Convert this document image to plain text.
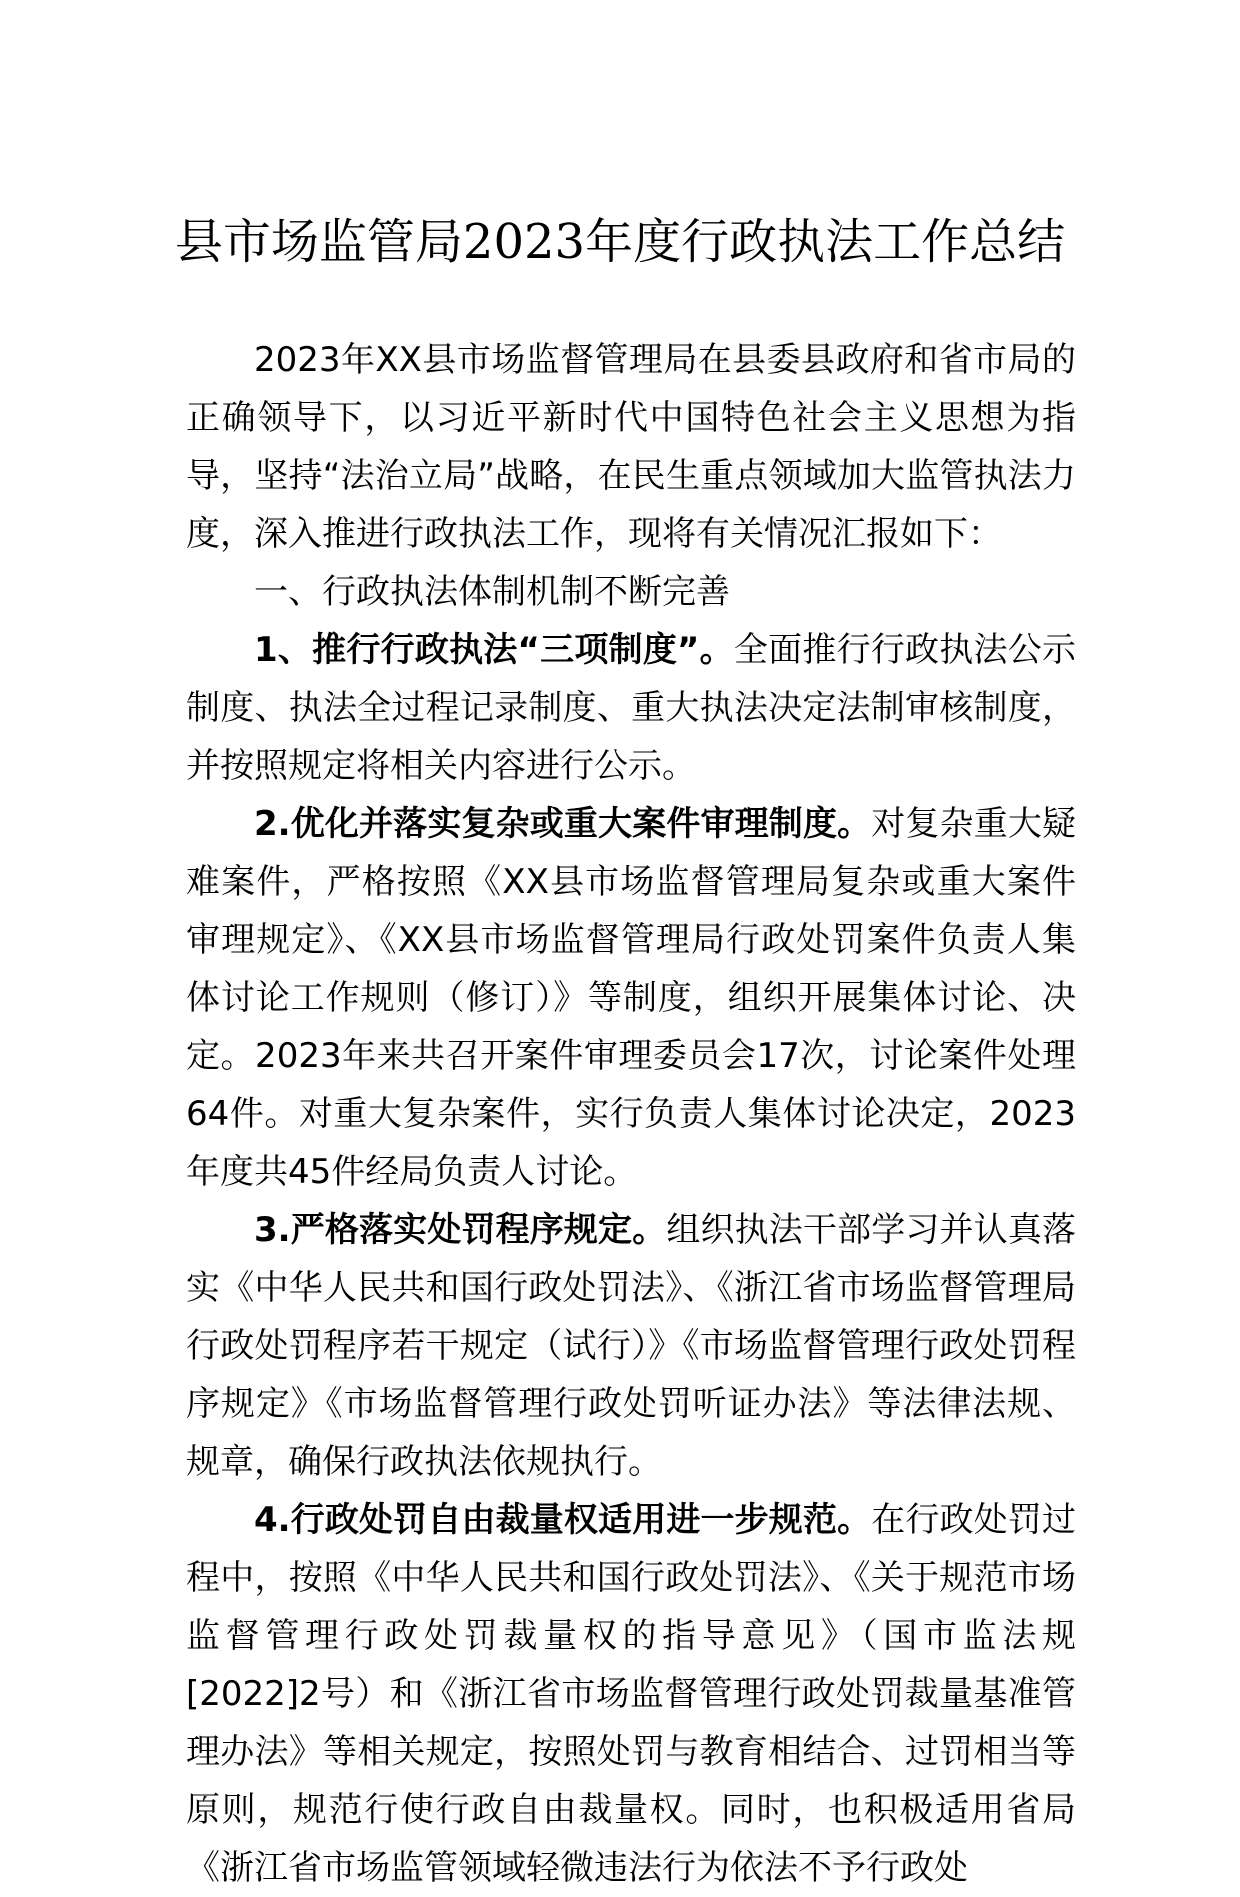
县市场监管局2023年度行政执法工作总结

2023年XX县市场监督管理局在县委县政府和省市局的正确领导下，以习近平新时代中国特色社会主义思想为指导，坚持“法治立局”战略，在民生重点领域加大监管执法力度，深入推进行政执法工作，现将有关情况汇报如下：

一、行政执法体制机制不断完善

1、推行行政执法“三项制度”。全面推行行政执法公示制度、执法全过程记录制度、重大执法决定法制审核制度，并按照规定将相关内容进行公示。

2.优化并落实复杂或重大案件审理制度。对复杂重大疑难案件，严格按照《XX县市场监督管理局复杂或重大案件审理规定》、《XX县市场监督管理局行政处罚案件负责人集体讨论工作规则（修订）》等制度，组织开展集体讨论、决定。2023年来共召开案件审理委员会17次，讨论案件处理64件。对重大复杂案件，实行负责人集体讨论决定，2023年度共45件经局负责人讨论。

3.严格落实处罚程序规定。组织执法干部学习并认真落实《中华人民共和国行政处罚法》、《浙江省市场监督管理局行政处罚程序若干规定（试行）》《市场监督管理行政处罚程序规定》《市场监督管理行政处罚听证办法》等法律法规、规章，确保行政执法依规执行。

4.行政处罚自由裁量权适用进一步规范。在行政处罚过程中，按照《中华人民共和国行政处罚法》、《关于规范市场监督管理行政处罚裁量权的指导意见》（国市监法规[2022]2号）和《浙江省市场监督管理行政处罚裁量基准管理办法》等相关规定，按照处罚与教育相结合、过罚相当等原则，规范行使行政自由裁量权。同时，也积极适用省局《浙江省市场监管领域轻微违法行为依法不予行政处
